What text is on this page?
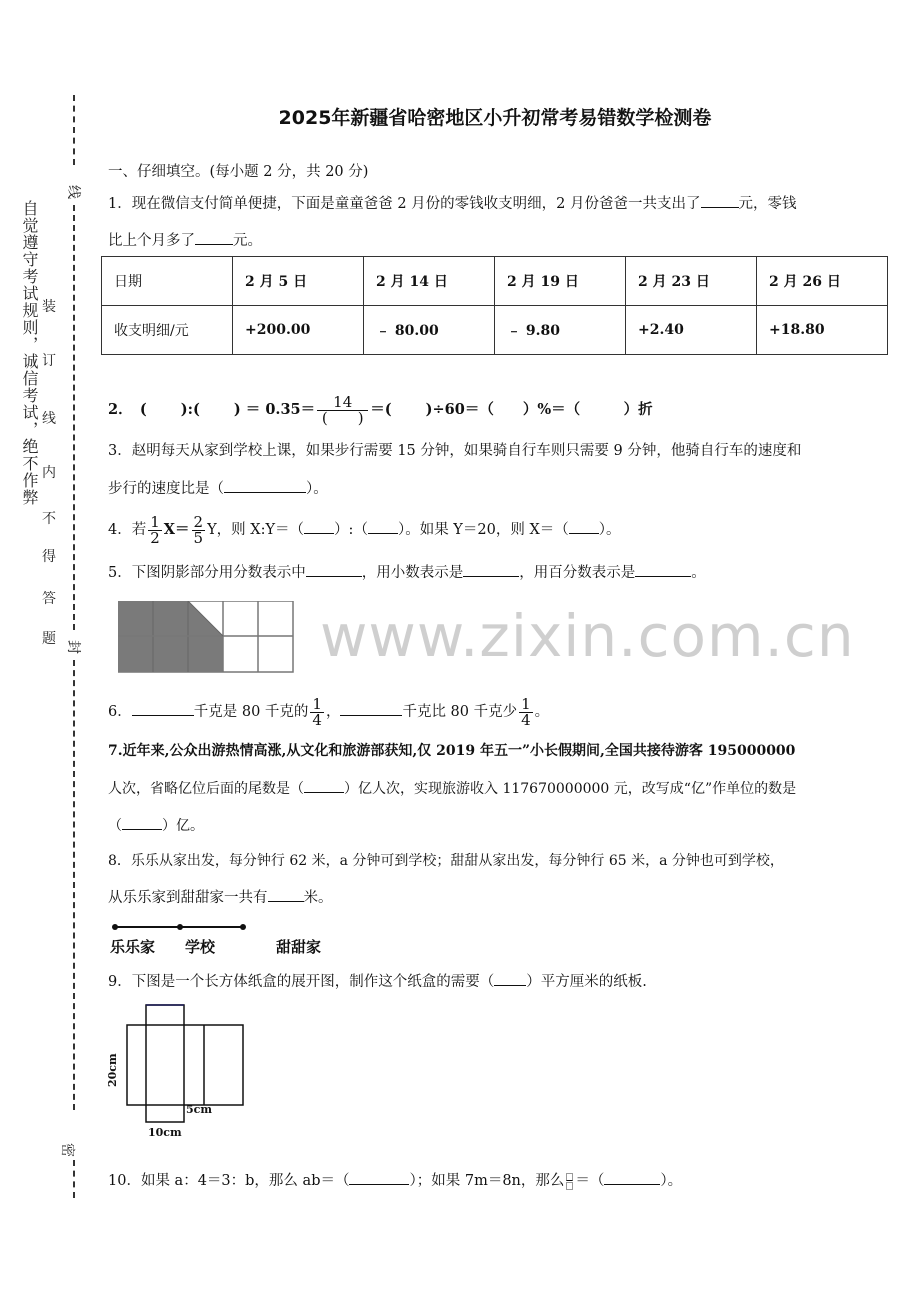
线
封
密
自觉遵守考试规则，诚信考试，绝不作弊 装
订
线
内
不
得
答
题
2025年新疆省哈密地区小升初常考易错数学检测卷
一、仔细填空。(每小题 2 分，共 20 分)
1．现在微信支付简单便捷，下面是童童爸爸 2 月份的零钱收支明细，2 月份爸爸一共支出了	元，零钱
比上个月多了	元。
日期	2 月 5 日	2 月 14 日	2 月 19 日	2 月 23 日	2 月 26 日
收支明细/元	+200.00	﹣ 80.00	﹣ 9.80	+2.40	+18.80
2．　(　　 ):(　　 ) ＝ $0.35= \frac{14}{( )}$ ＝(　　 )÷60＝（　　）%＝（　　　）折
3．赵明每天从家到学校上课，如果步行需要 15 分钟，如果骑自行车则只需要 9 分钟，他骑自行车的速度和
步行的速度比是（	）。
4．若 $\frac{1}{2} X= \frac{2}{5}$ Y，则 X:Y＝（ ）:（ ）。如果 Y＝20，则 X＝（ ）。
5．下图阴影部分用分数表示中	，用小数表示是	，用百分数表示是	。
www.zixin.com.cn
6．	千克是 80 千克的 $\frac{1}{4}$ ，	千克比 80 千克少 $\frac{1}{4}$ 。
7.近年来,公众出游热情高涨,从文化和旅游部获知,仅 2019 年五一”小长假期间,全国共接待游客 195000000
人次，省略亿位后面的尾数是（	）亿人次，实现旅游收入 117670000000 元，改写成“亿”作单位的数是
（	）亿。
8．乐乐从家出发，每分钟行 62 米，a 分钟可到学校；甜甜从家出发，每分钟行 65 米，a 分钟也可到学校，
从乐乐家到甜甜家一共有 米。
乐乐家 学校	甜甜家
9．下图是一个长方体纸盒的展开图，制作这个纸盒的需要（ ）平方厘米的纸板.
20cm
5cm
10cm
10．如果 a：4＝3：b，那么 ab＝（	）；如果 7m＝8n，那么 ＝（	）。
